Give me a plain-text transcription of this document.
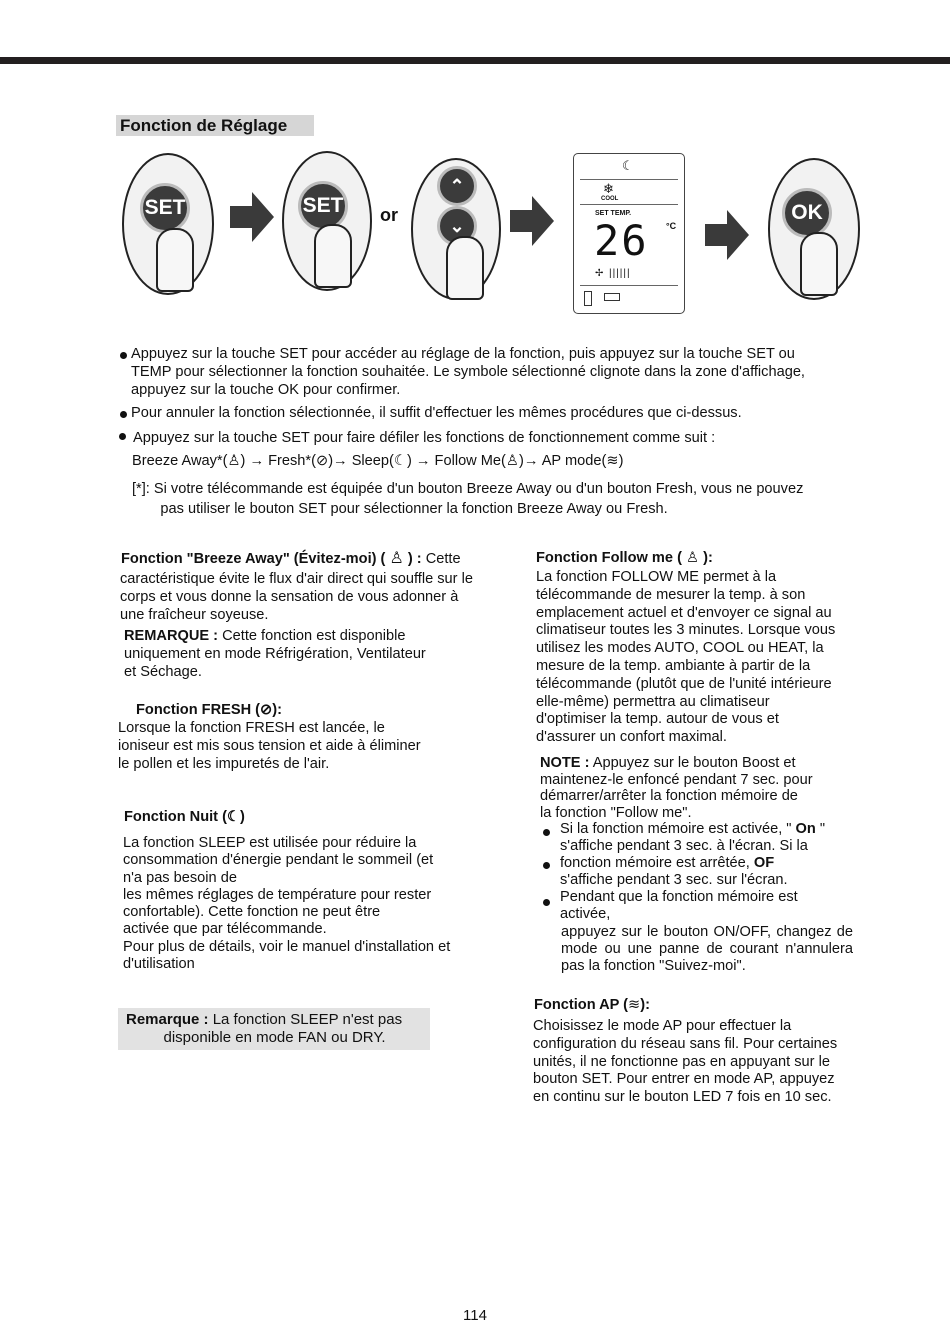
Fonction de Réglage
SET	SET or
⌃
⌄
☾
❄
COOL
SET TEMP.
26 °C
✢ ||||||
OK
Appuyez sur la touche SET pour accéder au réglage de la fonction, puis appuyez sur la touche SET ou
TEMP pour sélectionner la fonction souhaitée. Le symbole sélectionné clignote dans la zone d'affichage,
appuyez sur la touche OK pour confirmer.
Pour annuler la fonction sélectionnée, il suffit d'effectuer les mêmes procédures que ci-dessus.
Appuyez sur la touche SET pour faire défiler les fonctions de fonctionnement comme suit :
Breeze Away*(♙) → Fresh*(⊘)→ Sleep(☾) → Follow Me(♙)→ AP mode(≋)
[*]: Si votre télécommande est équipée d'un bouton Breeze Away ou d'un bouton Fresh, vous ne pouvez
pas utiliser le bouton SET pour sélectionner la fonction Breeze Away ou Fresh.
Fonction "Breeze Away" (Évitez-moi) ( ♙ ) : Cette
caractéristique évite le flux d'air direct qui souffle sur le
corps et vous donne la sensation de vous adonner à
une fraîcheur soyeuse.
REMARQUE : Cette fonction est disponible
uniquement en mode Réfrigération, Ventilateur
et Séchage.
Fonction FRESH (⊘):
Lorsque la fonction FRESH est lancée, le
ioniseur est mis sous tension et aide à éliminer
le pollen et les impuretés de l'air.
Fonction Nuit (☾)
La fonction SLEEP est utilisée pour réduire la
consommation d'énergie pendant le sommeil (et
n'a pas besoin de
les mêmes réglages de température pour rester
confortable). Cette fonction ne peut être
activée que par télécommande.
Pour plus de détails, voir le manuel d'installation et
d'utilisation
Remarque : La fonction SLEEP n'est pas
disponible en mode FAN ou DRY.
Fonction Follow me ( ♙ ):
La fonction FOLLOW ME permet à la
télécommande de mesurer la temp. à son
emplacement actuel et d'envoyer ce signal au
climatiseur toutes les 3 minutes. Lorsque vous
utilisez les modes AUTO, COOL ou HEAT, la
mesure de la temp. ambiante à partir de la
télécommande (plutôt que de l'unité intérieure
elle-même) permettra au climatiseur
d'optimiser la temp. autour de vous et
d'assurer un confort maximal.
NOTE : Appuyez sur le bouton Boost et
maintenez-le enfoncé pendant 7 sec. pour
démarrer/arrêter la fonction mémoire de
la fonction "Follow me".
Si la fonction mémoire est activée, " On "
s'affiche pendant 3 sec. à l'écran. Si la
fonction mémoire est arrêtée, OF
s'affiche pendant 3 sec. sur l'écran.
Pendant que la fonction mémoire est
activée,
appuyez sur le bouton ON/OFF, changez de mode ou une panne de courant n'annulera pas la fonction "Suivez-moi".
Fonction AP (≋):
Choisissez le mode AP pour effectuer la
configuration du réseau sans fil. Pour certaines
unités, il ne fonctionne pas en appuyant sur le
bouton SET. Pour entrer en mode AP, appuyez
en continu sur le bouton LED 7 fois en 10 sec.
114
